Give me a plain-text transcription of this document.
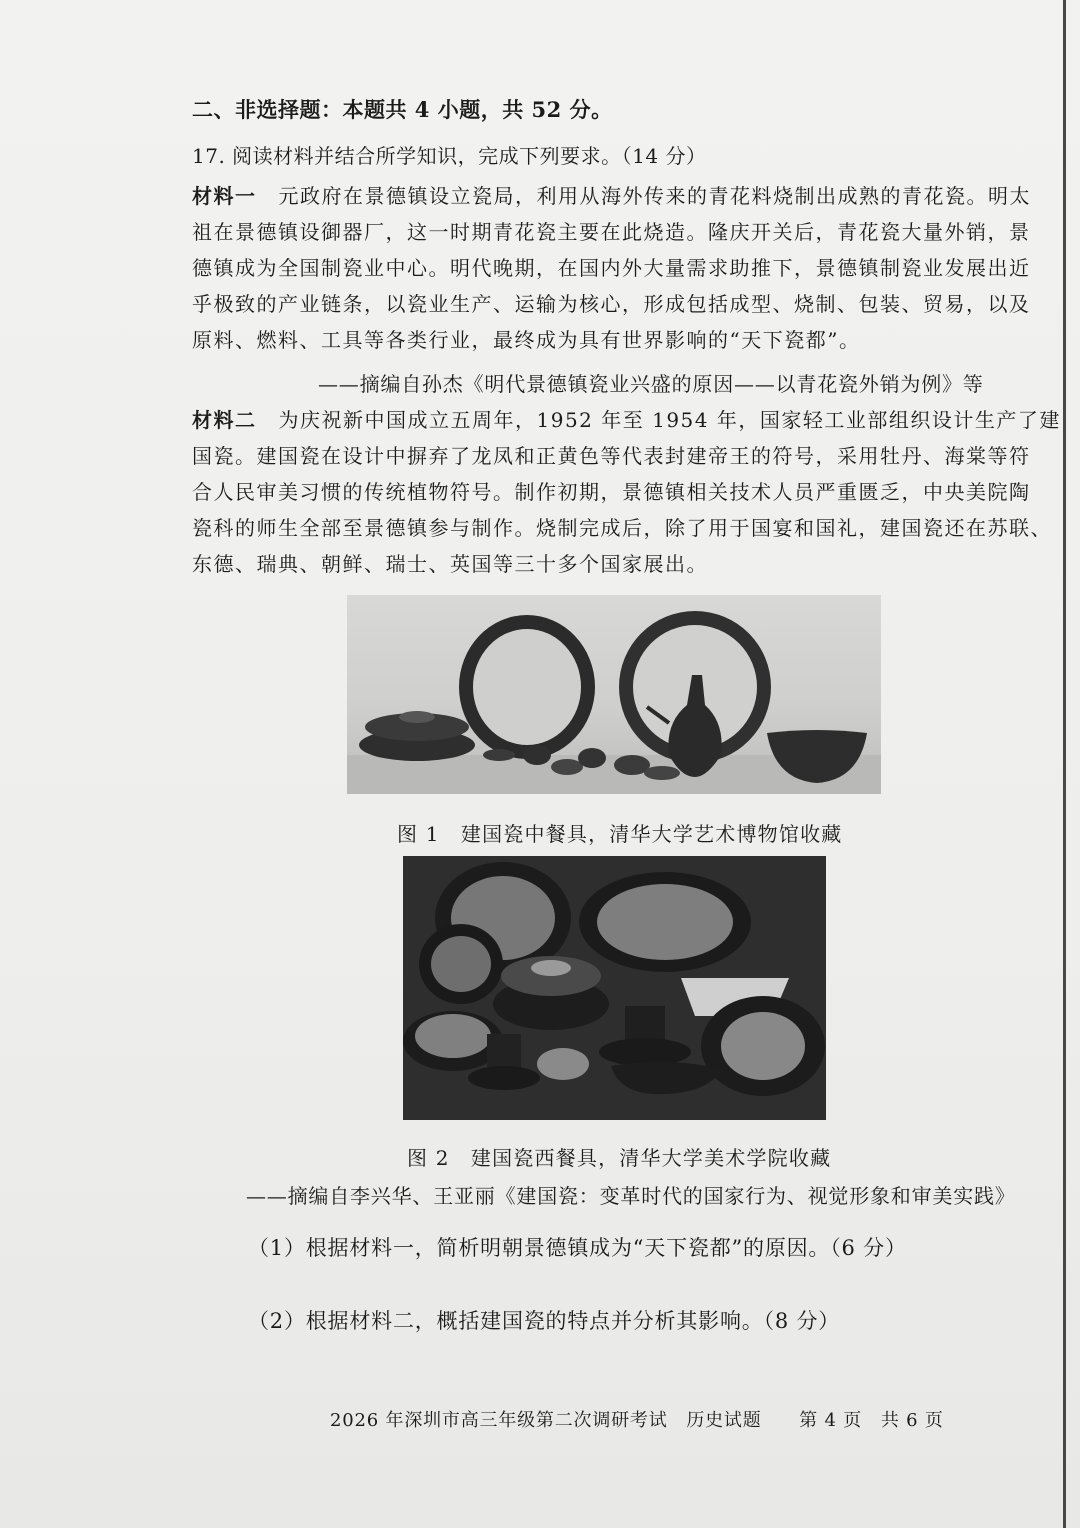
二、非选择题：本题共 4 小题，共 52 分。
17. 阅读材料并结合所学知识，完成下列要求。（14 分）
材料一 元政府在景德镇设立瓷局，利用从海外传来的青花料烧制出成熟的青花瓷。明太
祖在景德镇设御器厂，这一时期青花瓷主要在此烧造。隆庆开关后，青花瓷大量外销，景
德镇成为全国制瓷业中心。明代晚期，在国内外大量需求助推下，景德镇制瓷业发展出近
乎极致的产业链条，以瓷业生产、运输为核心，形成包括成型、烧制、包装、贸易，以及
原料、燃料、工具等各类行业，最终成为具有世界影响的“天下瓷都”。
——摘编自孙杰《明代景德镇瓷业兴盛的原因——以青花瓷外销为例》等
材料二 为庆祝新中国成立五周年，1952 年至 1954 年，国家轻工业部组织设计生产了建
国瓷。建国瓷在设计中摒弃了龙凤和正黄色等代表封建帝王的符号，采用牡丹、海棠等符
合人民审美习惯的传统植物符号。制作初期，景德镇相关技术人员严重匮乏，中央美院陶
瓷科的师生全部至景德镇参与制作。烧制完成后，除了用于国宴和国礼，建国瓷还在苏联、
东德、瑞典、朝鲜、瑞士、英国等三十多个国家展出。
图 1　建国瓷中餐具，清华大学艺术博物馆收藏
图 2　建国瓷西餐具，清华大学美术学院收藏
——摘编自李兴华、王亚丽《建国瓷：变革时代的国家行为、视觉形象和审美实践》
（1）根据材料一，简析明朝景德镇成为“天下瓷都”的原因。（6 分）
（2）根据材料二，概括建国瓷的特点并分析其影响。（8 分）
2026 年深圳市高三年级第二次调研考试　历史试题　　第 4 页　共 6 页
